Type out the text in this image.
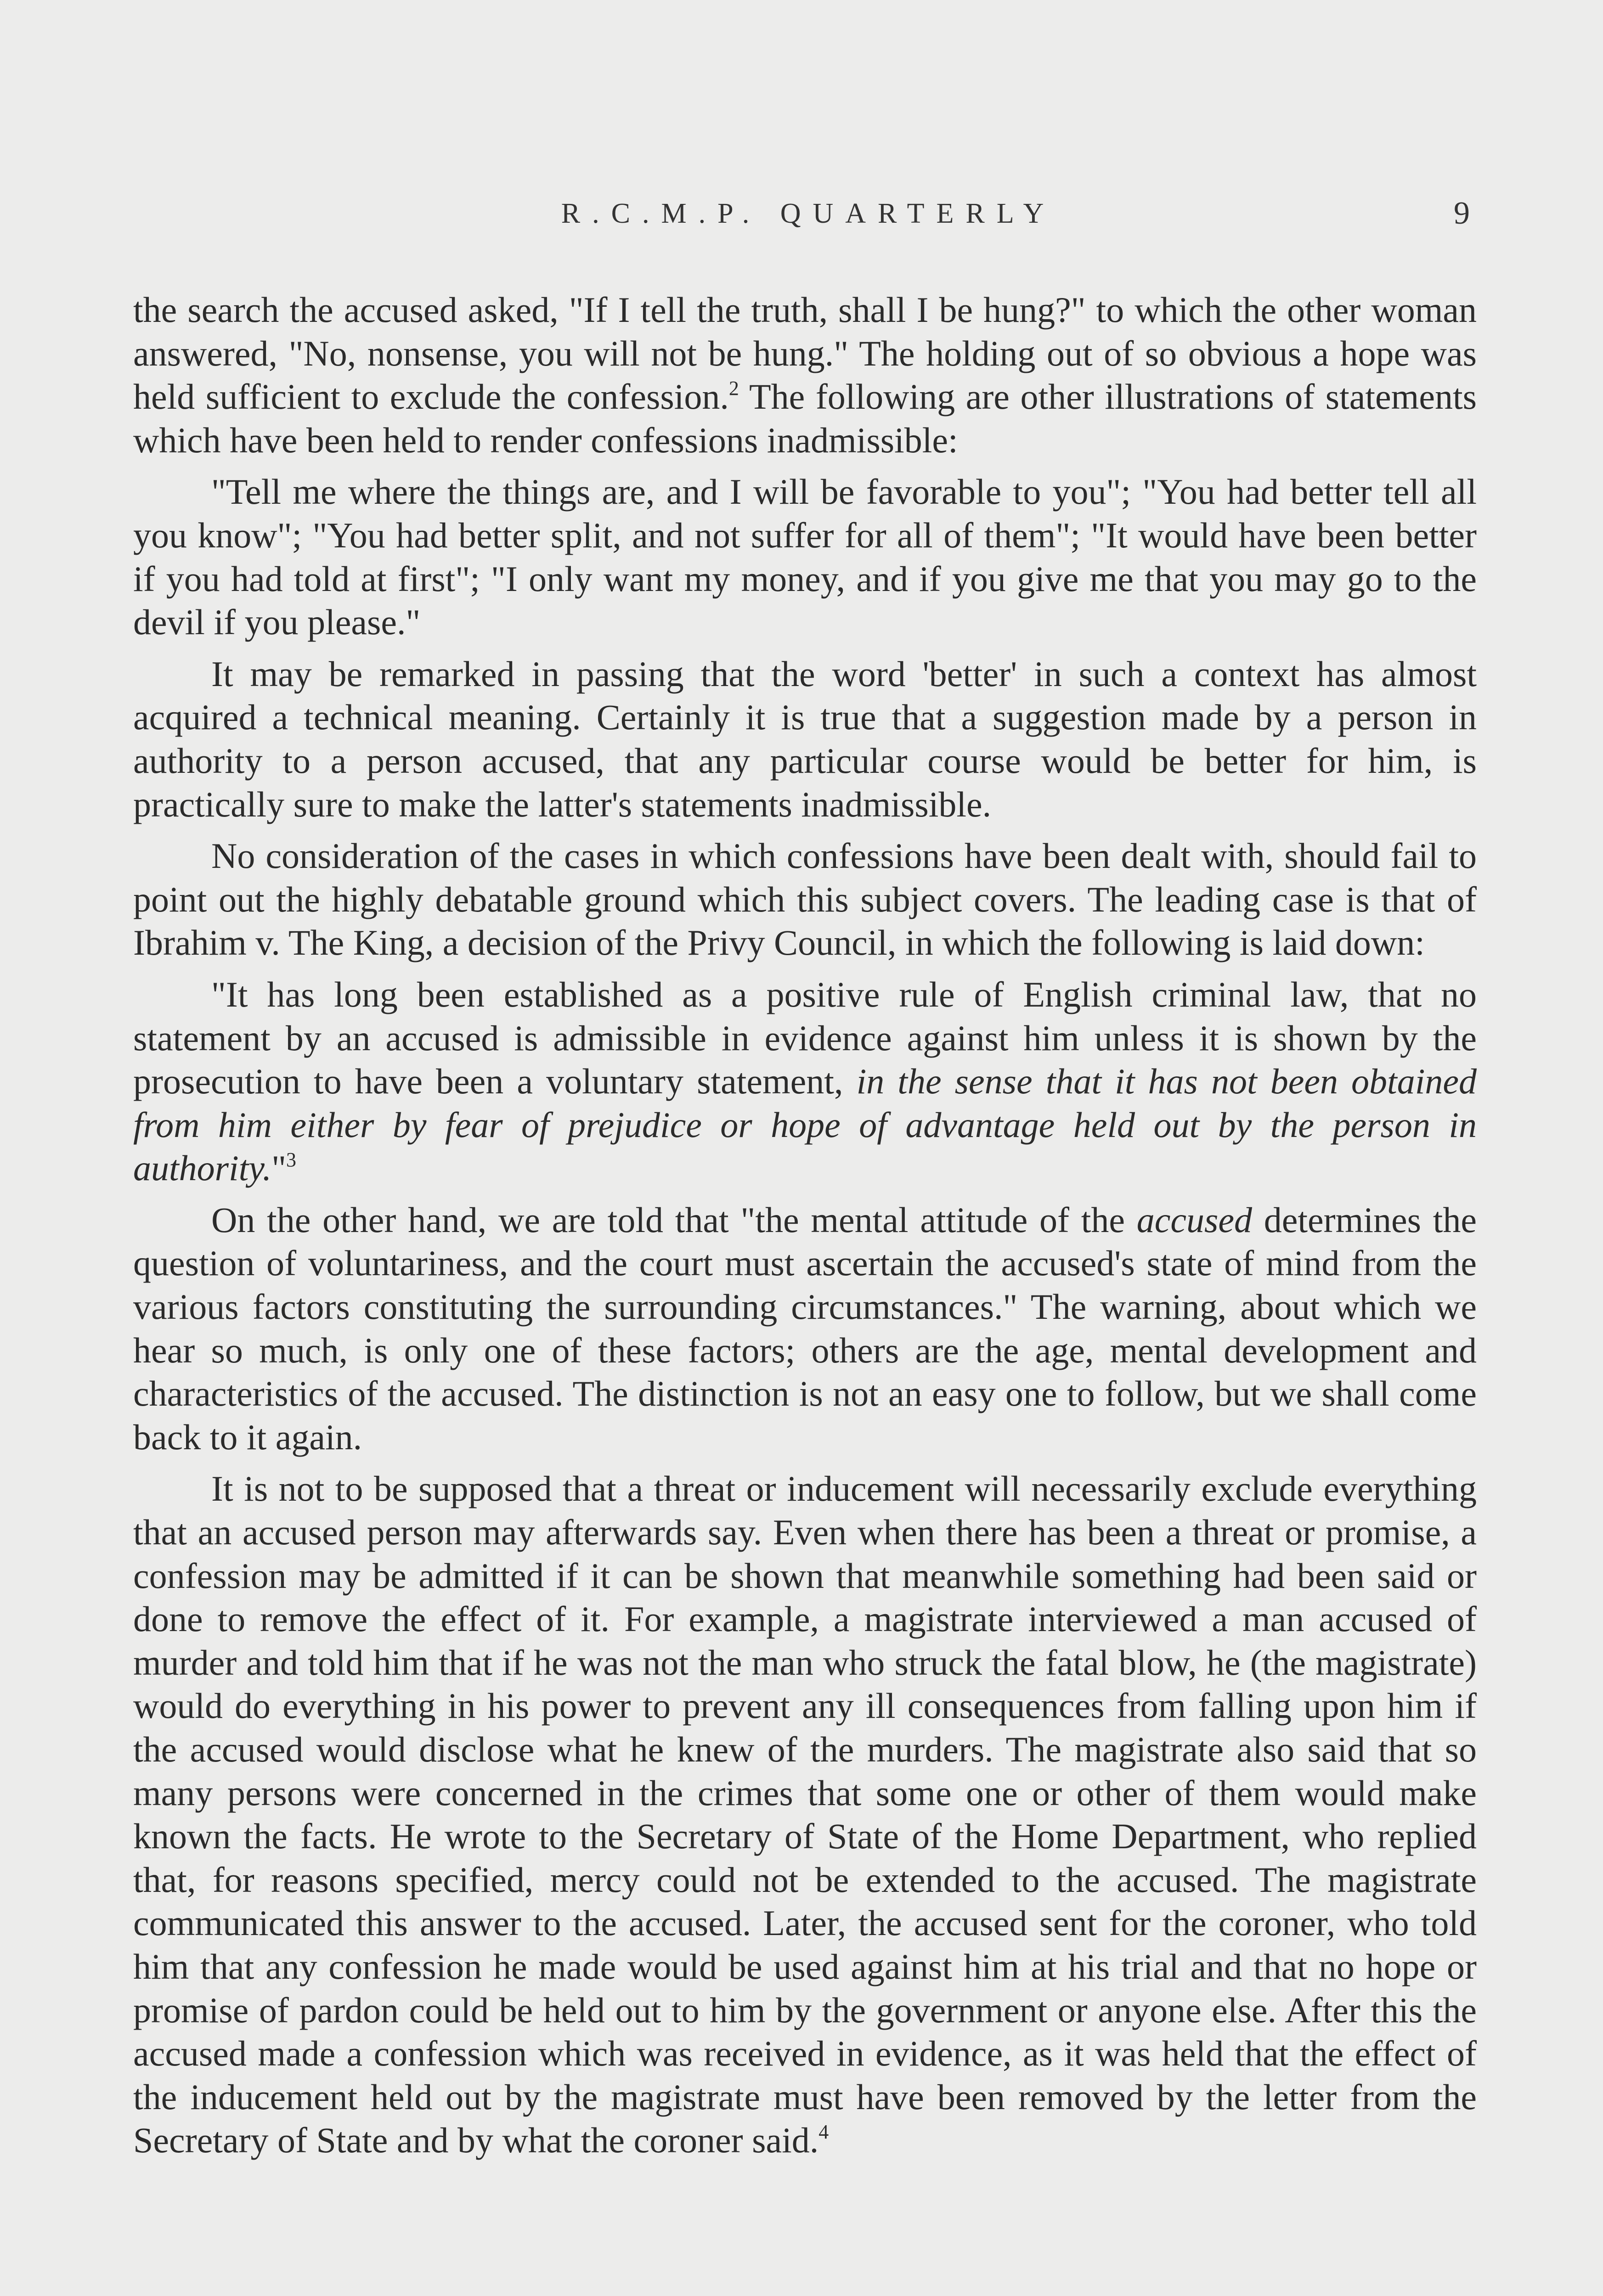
R.C.M.P. QUARTERLY	9

the search the accused asked, "If I tell the truth, shall I be hung?" to which the other woman answered, "No, nonsense, you will not be hung." The holding out of so obvious a hope was held sufficient to exclude the confession.$^2$ The following are other illustrations of statements which have been held to render confessions inadmissible:

"Tell me where the things are, and I will be favorable to you"; "You had better tell all you know"; "You had better split, and not suffer for all of them"; "It would have been better if you had told at first"; "I only want my money, and if you give me that you may go to the devil if you please."

It may be remarked in passing that the word 'better' in such a context has almost acquired a technical meaning. Certainly it is true that a suggestion made by a person in authority to a person accused, that any particular course would be better for him, is practically sure to make the latter's statements inadmissible.

No consideration of the cases in which confessions have been dealt with, should fail to point out the highly debatable ground which this subject covers. The leading case is that of Ibrahim v. The King, a decision of the Privy Council, in which the following is laid down:

"It has long been established as a positive rule of English criminal law, that no statement by an accused is admissible in evidence against him unless it is shown by the prosecution to have been a voluntary statement, in the sense that it has not been obtained from him either by fear of prejudice or hope of advantage held out by the person in authority."$^3$

On the other hand, we are told that "the mental attitude of the accused determines the question of voluntariness, and the court must ascertain the accused's state of mind from the various factors constituting the surrounding circumstances." The warning, about which we hear so much, is only one of these factors; others are the age, mental development and characteristics of the accused. The distinction is not an easy one to follow, but we shall come back to it again.

It is not to be supposed that a threat or inducement will necessarily exclude everything that an accused person may afterwards say. Even when there has been a threat or promise, a confession may be admitted if it can be shown that meanwhile something had been said or done to remove the effect of it. For example, a magistrate interviewed a man accused of murder and told him that if he was not the man who struck the fatal blow, he (the magistrate) would do everything in his power to prevent any ill consequences from falling upon him if the accused would disclose what he knew of the murders. The magistrate also said that so many persons were concerned in the crimes that some one or other of them would make known the facts. He wrote to the Secretary of State of the Home Department, who replied that, for reasons specified, mercy could not be extended to the accused. The magistrate communicated this answer to the accused. Later, the accused sent for the coroner, who told him that any confession he made would be used against him at his trial and that no hope or promise of pardon could be held out to him by the government or anyone else. After this the accused made a confession which was received in evidence, as it was held that the effect of the inducement held out by the magistrate must have been removed by the letter from the Secretary of State and by what the coroner said.$^4$
